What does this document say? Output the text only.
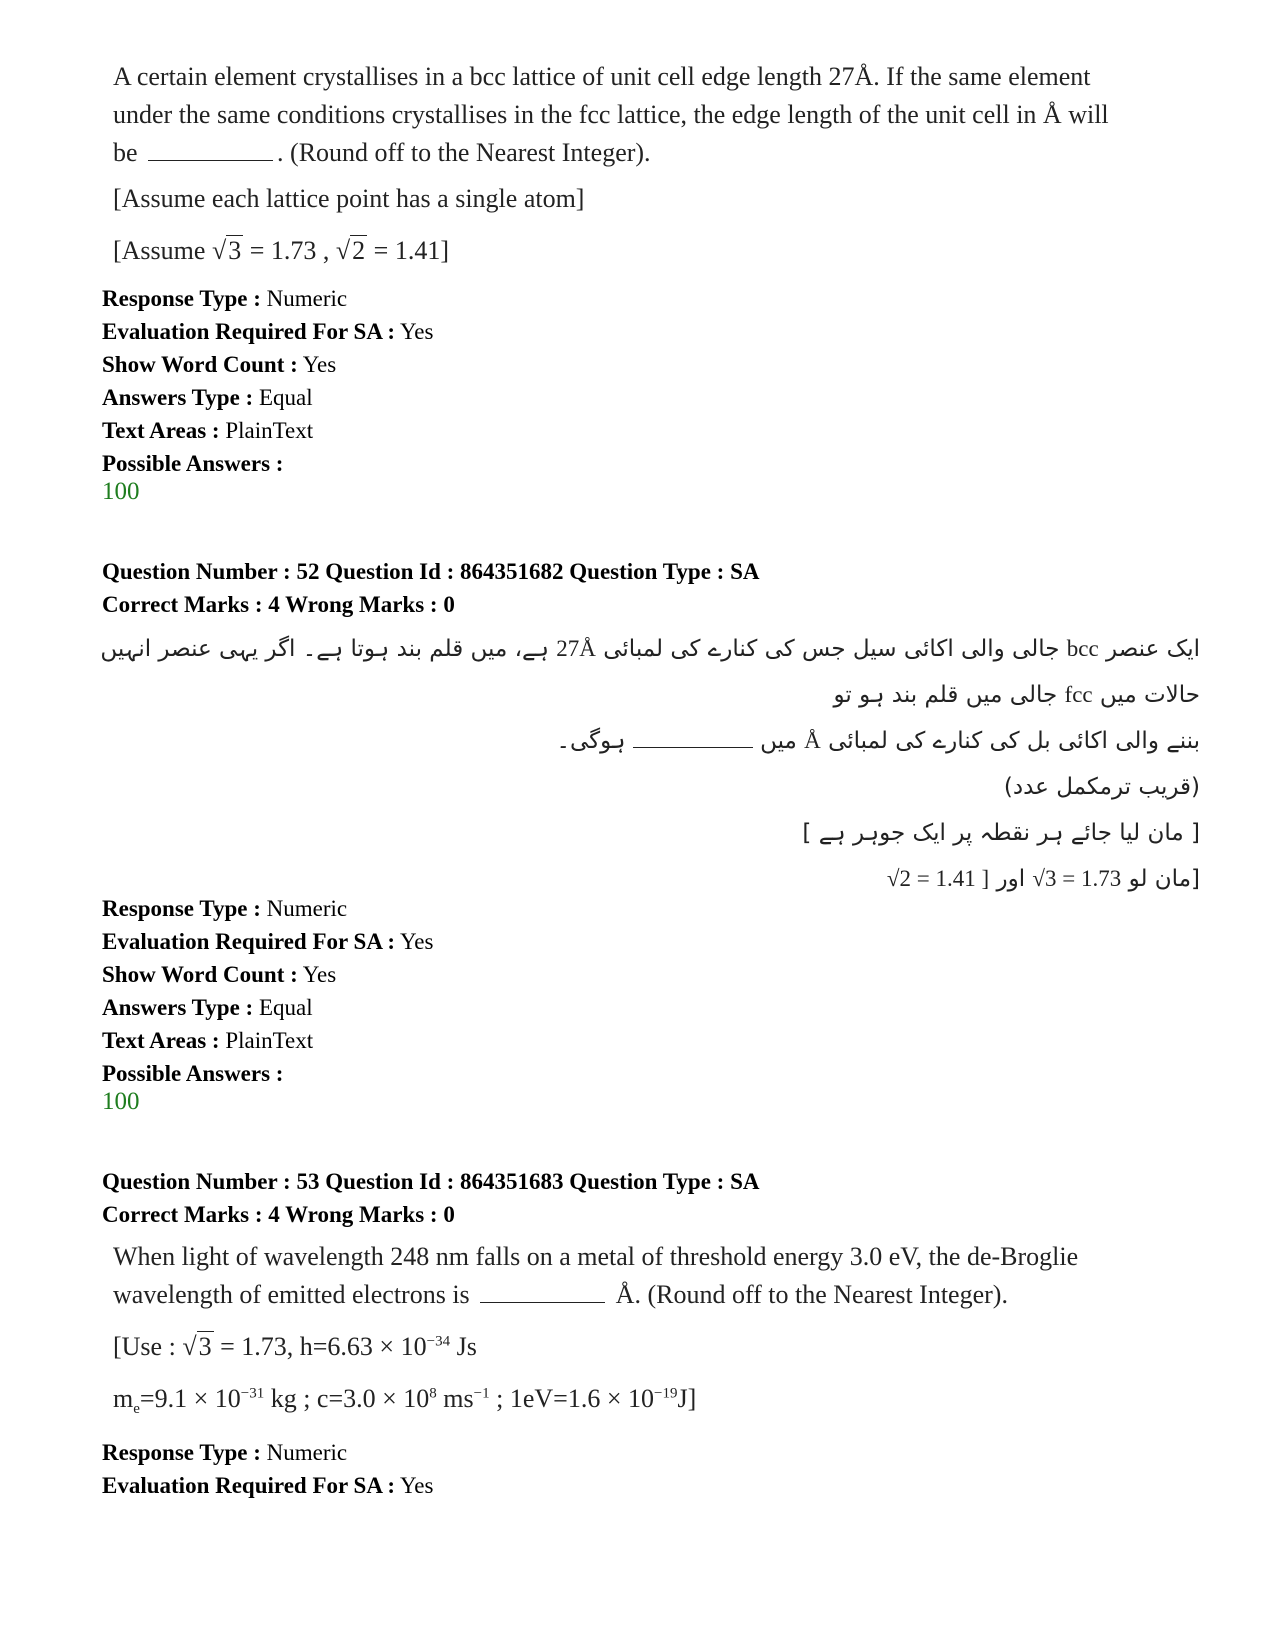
A certain element crystallises in a bcc lattice of unit cell edge length 27Å. If the same element

under the same conditions crystallises in the fcc lattice, the edge length of the unit cell in Å will

be	. (Round off to the Nearest Integer).

[Assume each lattice point has a single atom]

[Assume √3 = 1.73 , √2 = 1.41]

Response Type : Numeric
Evaluation Required For SA : Yes
Show Word Count : Yes
Answers Type : Equal
Text Areas : PlainText
Possible Answers :
100
Question Number : 52 Question Id : 864351682 Question Type : SA
Correct Marks : 4 Wrong Marks : 0

ایک عنصر bcc جالی والی اکائی سیل جس کی کنارے کی لمبائی 27Å ہے، میں قلم بند ہوتا ہے۔ اگر یہی عنصر انہیں حالات میں fcc جالی میں قلم بند ہو تو

بننے والی اکائی بل کی کنارے کی لمبائی Å میں  ہوگی۔

(قریب ترمکمل عدد)

[ مان لیا جائے ہر نقطہ پر ایک جوہر ہے ]

[مان لو √3 = 1.73 اور √2 = 1.41 ]

Response Type : Numeric
Evaluation Required For SA : Yes
Show Word Count : Yes
Answers Type : Equal
Text Areas : PlainText
Possible Answers :
100
Question Number : 53 Question Id : 864351683 Question Type : SA
Correct Marks : 4 Wrong Marks : 0

When light of wavelength 248 nm falls on a metal of threshold energy 3.0 eV, the de-Broglie

wavelength of emitted electrons is	Å. (Round off to the Nearest Integer).

[Use : √3 = 1.73, $h=6.63 \times 10^{-34}$ Js

$m_e=9.1 \times 10^{-31}$ kg ; $c=3.0 \times 10^8$ $ms^{-1}$ ; $1eV=1.6 \times 10^{-19}J$]

Response Type : Numeric
Evaluation Required For SA : Yes
